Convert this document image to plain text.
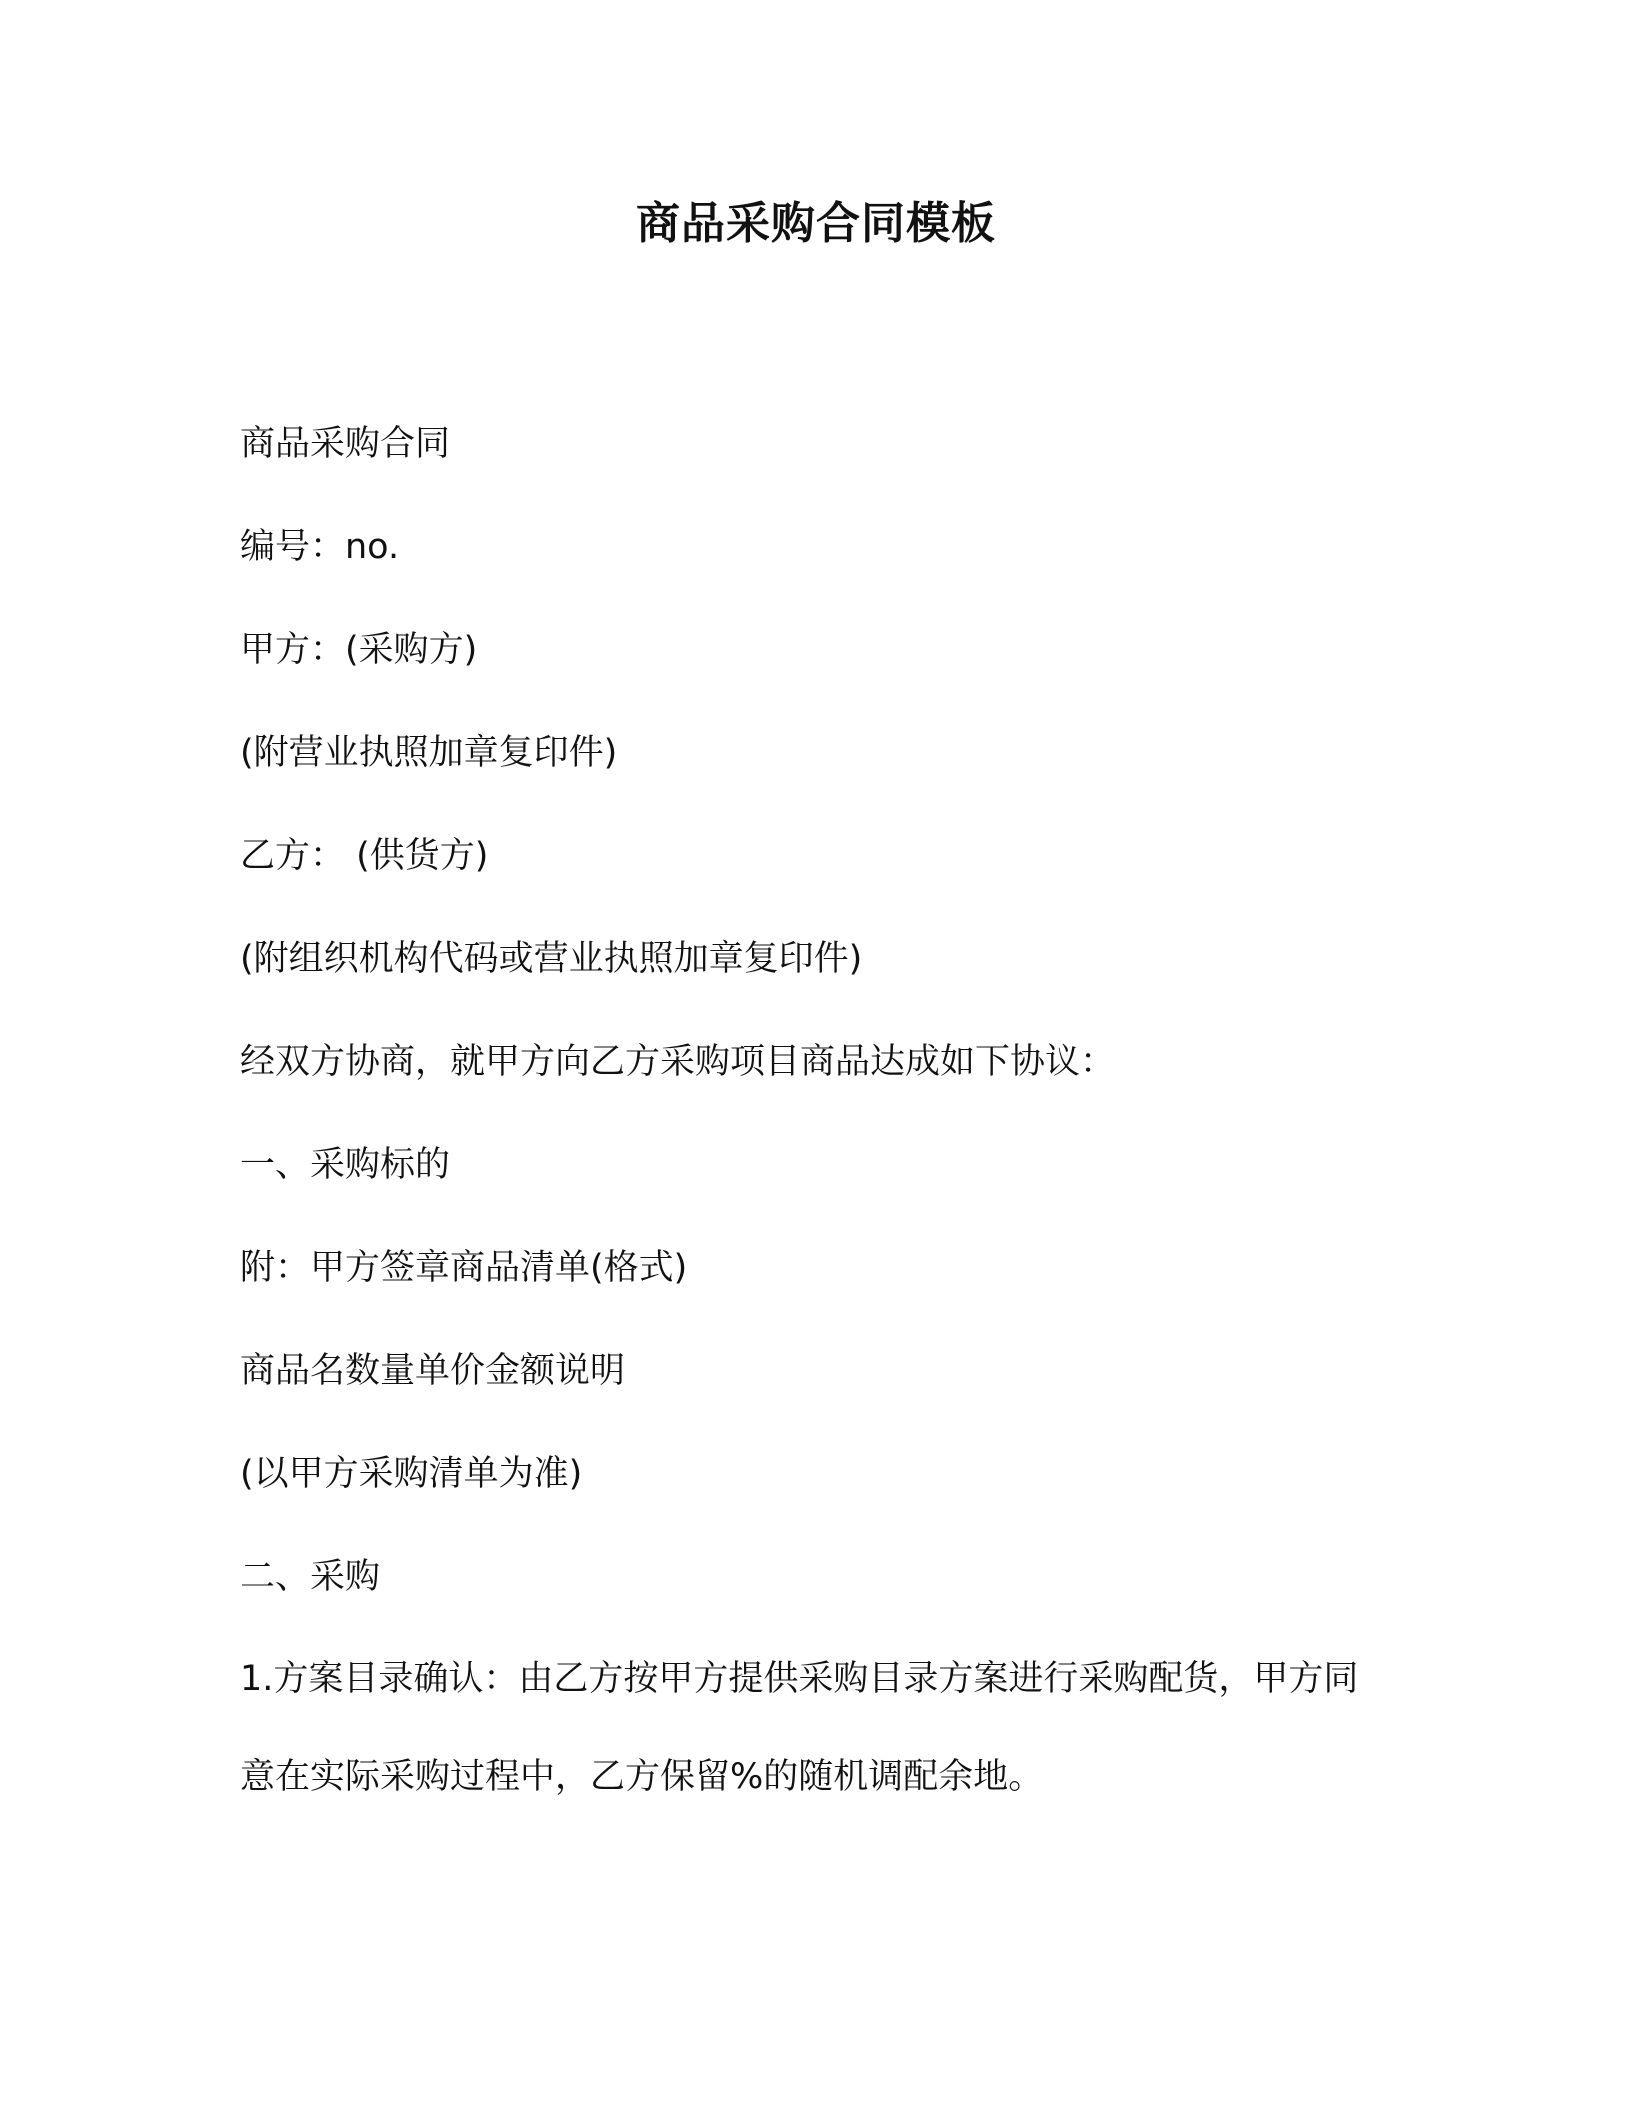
商品采购合同模板

商品采购合同

编号：no.

甲方：(采购方)

(附营业执照加章复印件)

乙方： (供货方)

(附组织机构代码或营业执照加章复印件)

经双方协商，就甲方向乙方采购项目商品达成如下协议：

一、采购标的

附：甲方签章商品清单(格式)

商品名数量单价金额说明

(以甲方采购清单为准)

二、采购

1.方案目录确认：由乙方按甲方提供采购目录方案进行采购配货，甲方同意在实际采购过程中，乙方保留%的随机调配余地。
